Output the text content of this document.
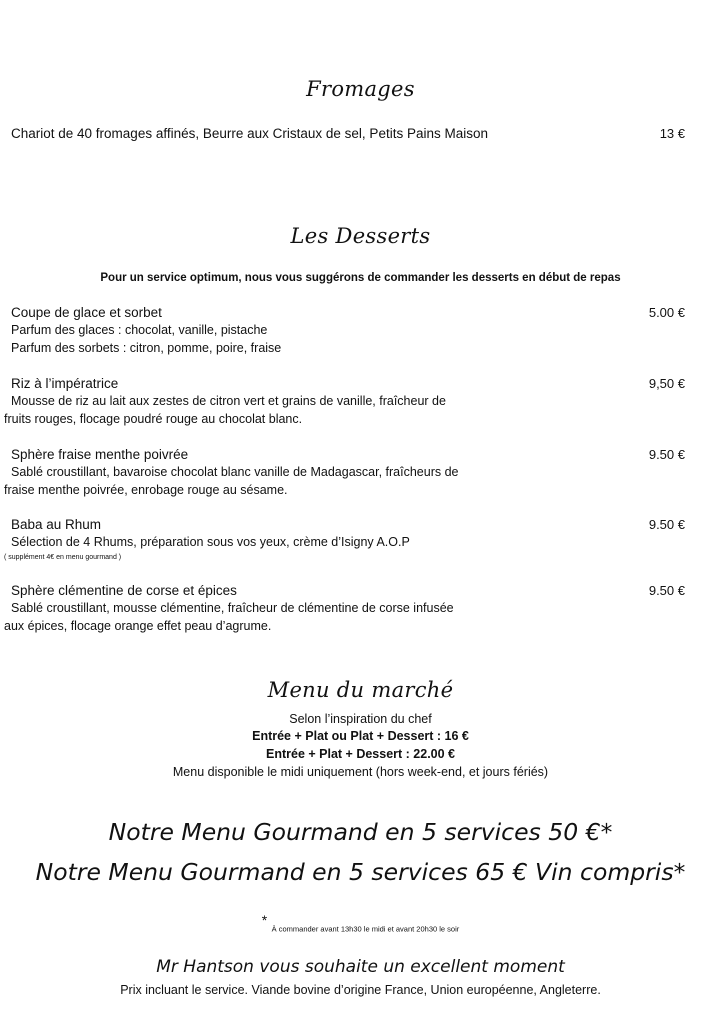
Fromages
Chariot de 40 fromages affinés, Beurre aux Cristaux de sel, Petits Pains Maison	13 €
Les Desserts
Pour un service optimum, nous vous suggérons de commander les desserts en début de repas
Coupe de glace et sorbet	5.00 €
Parfum des glaces : chocolat, vanille, pistache
Parfum des sorbets : citron, pomme, poire, fraise
Riz à l’impératrice	9,50 €
Mousse de riz au lait aux zestes de citron vert et grains de vanille, fraîcheur de
fruits rouges, flocage poudré rouge au chocolat blanc.
Sphère fraise menthe poivrée	9.50 €
Sablé croustillant, bavaroise chocolat blanc vanille de Madagascar, fraîcheurs de
fraise menthe poivrée, enrobage rouge au sésame.
Baba au Rhum	9.50 €
Sélection de 4 Rhums, préparation sous vos yeux, crème d’Isigny A.O.P
( supplément 4€ en menu gourmand )
Sphère clémentine de corse et épices	9.50 €
Sablé croustillant, mousse clémentine, fraîcheur de clémentine de corse infusée
aux épices, flocage orange effet peau d’agrume.
Menu du marché
Selon l’inspiration du chef
Entrée + Plat ou Plat + Dessert : 16 €
Entrée + Plat + Dessert : 22.00 €
Menu disponible le midi uniquement (hors week-end, et jours fériés)
Notre Menu Gourmand en 5 services 50 €*
Notre Menu Gourmand en 5 services 65 € Vin compris*
* À commander avant 13h30 le midi et avant 20h30 le soir
Mr Hantson vous souhaite un excellent moment
Prix incluant le service. Viande bovine d’origine France, Union européenne, Angleterre.
